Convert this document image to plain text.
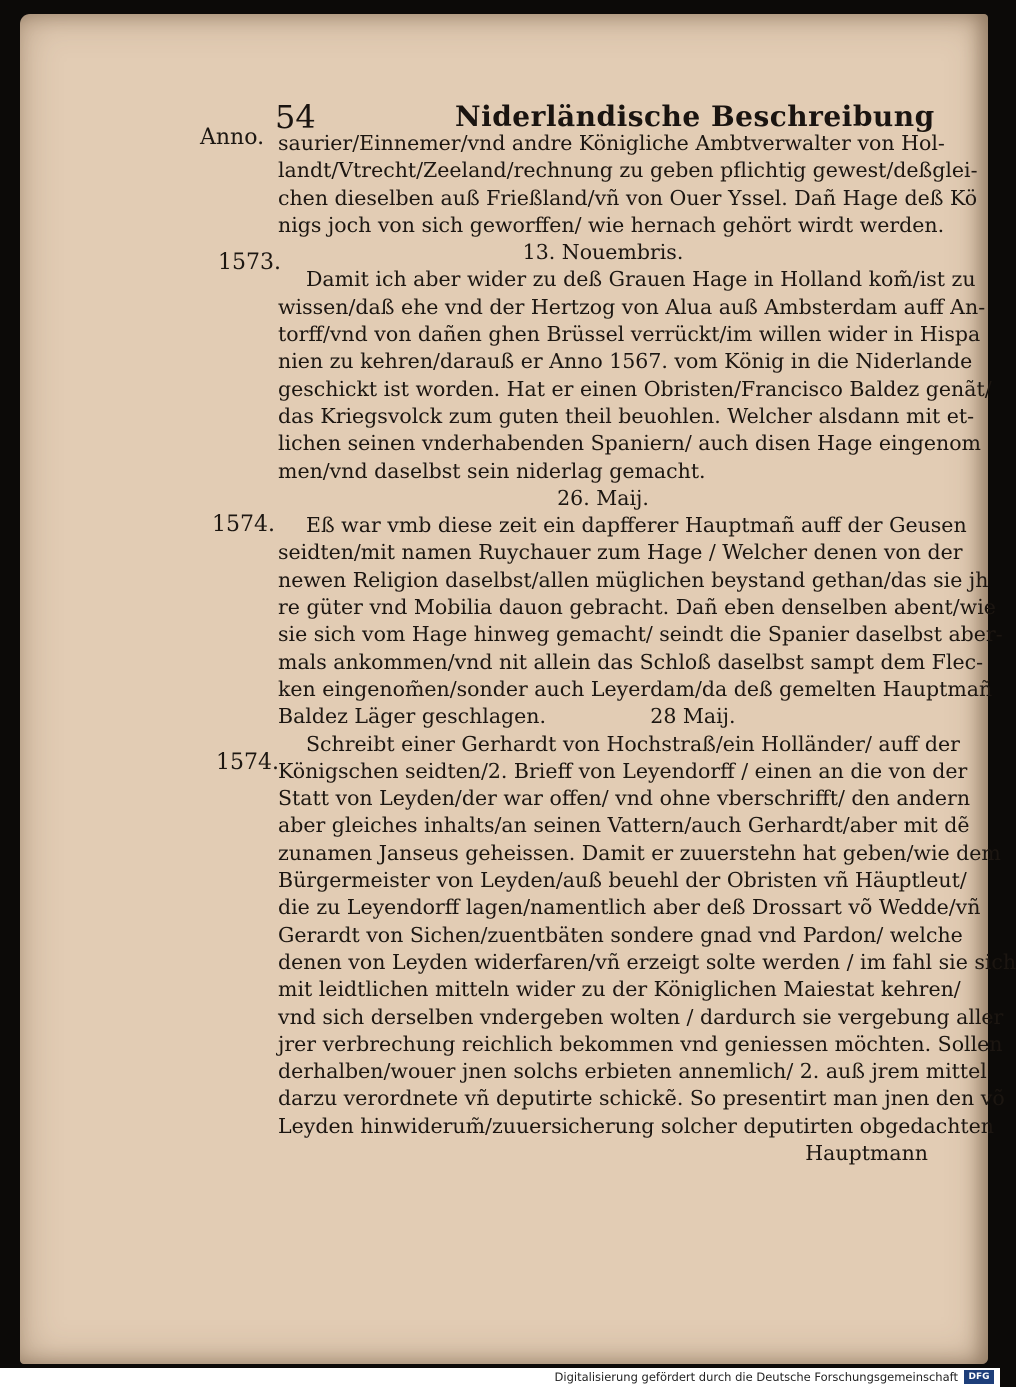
54	Niderländische Beschreibung
Anno.
1573.
1574.
1574.
saurier/Einnemer/vnd andre Königliche Ambtverwalter von Hol-
landt/Vtrecht/Zeeland/rechnung zu geben pflichtig gewest/deßglei-
chen dieselben auß Frießland/vñ von Ouer Yssel. Dañ Hage deß Kö
nigs joch von sich geworffen/ wie hernach gehört wirdt werden.
13. Nouembris.
Damit ich aber wider zu deß Grauen Hage in Holland kom̃/ist zu
wissen/daß ehe vnd der Hertzog von Alua auß Ambsterdam auff An-
torff/vnd von dañen ghen Brüssel verrückt/im willen wider in Hispa
nien zu kehren/darauß er Anno 1567. vom König in die Niderlande
geschickt ist worden. Hat er einen Obristen/Francisco Baldez genãt/
das Kriegsvolck zum guten theil beuohlen. Welcher alsdann mit et-
lichen seinen vnderhabenden Spaniern/ auch disen Hage eingenom
men/vnd daselbst sein niderlag gemacht.
26. Maij.
Eß war vmb diese zeit ein dapfferer Hauptmañ auff der Geusen
seidten/mit namen Ruychauer zum Hage / Welcher denen von der
newen Religion daselbst/allen müglichen beystand gethan/das sie jh
re güter vnd Mobilia dauon gebracht. Dañ eben denselben abent/wie
sie sich vom Hage hinweg gemacht/ seindt die Spanier daselbst aber-
mals ankommen/vnd nit allein das Schloß daselbst sampt dem Flec-
ken eingenom̃en/sonder auch Leyerdam/da deß gemelten Hauptmañ
Baldez Läger geschlagen.                28 Maij.
Schreibt einer Gerhardt von Hochstraß/ein Holländer/ auff der
Königschen seidten/2. Brieff von Leyendorff / einen an die von der
Statt von Leyden/der war offen/ vnd ohne vberschrifft/ den andern
aber gleiches inhalts/an seinen Vattern/auch Gerhardt/aber mit dẽ
zunamen Janseus geheissen. Damit er zuuerstehn hat geben/wie dem
Bürgermeister von Leyden/auß beuehl der Obristen vñ Häuptleut/
die zu Leyendorff lagen/namentlich aber deß Drossart võ Wedde/vñ
Gerardt von Sichen/zuentbäten sondere gnad vnd Pardon/ welche
denen von Leyden widerfaren/vñ erzeigt solte werden / im fahl sie sich
mit leidtlichen mitteln wider zu der Königlichen Maiestat kehren/
vnd sich derselben vndergeben wolten / dardurch sie vergebung aller
jrer verbrechung reichlich bekommen vnd geniessen möchten. Sollen
derhalben/wouer jnen solchs erbieten annemlich/ 2. auß jrem mittel
darzu verordnete vñ deputirte schickẽ. So presentirt man jnen den võ
Leyden hinwiderum̃/zuuersicherung solcher deputirten obgedachten
Hauptmann
Digitalisierung gefördert durch die Deutsche Forschungsgemeinschaft	DFG
